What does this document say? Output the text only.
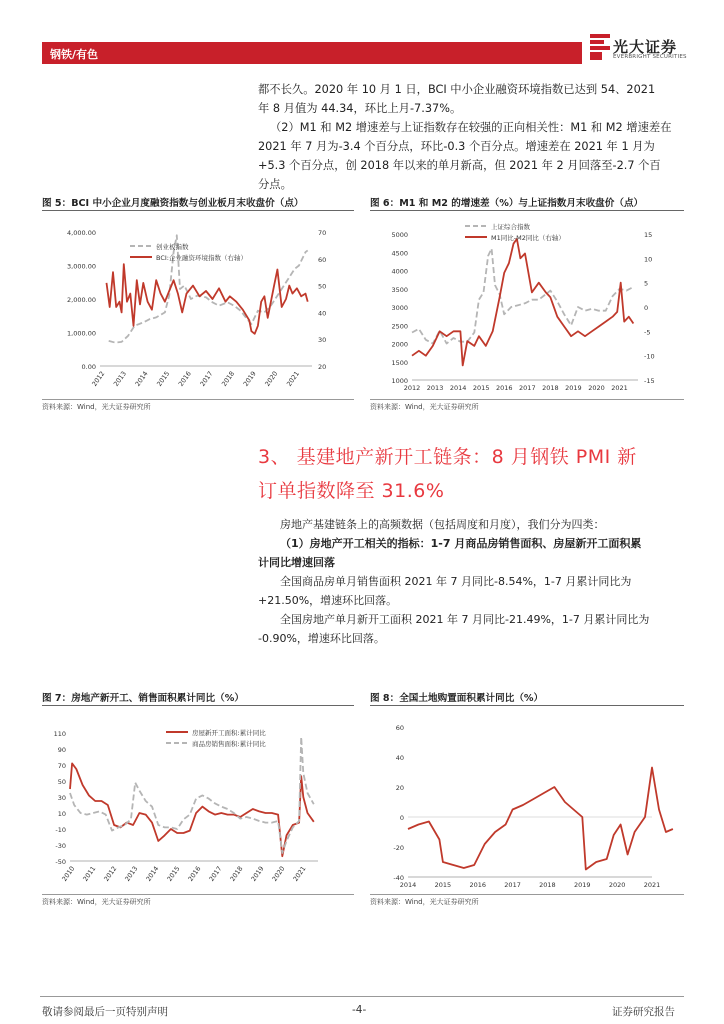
钢铁/有色	光大证券
EVERBRIGHT SECURITIES
都不长久。2020 年 10 月 1 日，BCI 中小企业融资环境指数已达到 54、2021
年 8 月值为 44.34，环比上月-7.37%。
（2）M1 和 M2 增速差与上证指数存在较强的正向相关性：M1 和 M2 增速差在
2021 年 7 月为-3.4 个百分点，环比-0.3 个百分点。增速差在 2021 年 1 月为
+5.3 个百分点，创 2018 年以来的单月新高，但 2021 年 2 月回落至-2.7 个百
分点。
图 5：BCI 中小企业月度融资指数与创业板月末收盘价（点）
0.00
1,000.00
2,000.00
3,000.00
4,000.00
20
30
40
50
60
70
2012 2013 2014 2015 2016 2017 2018 2019 2020 2021
创业板指数
BCI:企业融资环境指数（右轴）
资料来源：Wind，光大证券研究所
图 6：M1 和 M2 的增速差（%）与上证指数月末收盘价（点）
1000
1500
2000
2500
3000
3500
4000
4500
5000
-15
-10
-5
0
5
10
15
2012 2013 2014 2015 2016 2017 2018 2019 2020 2021
上证综合指数
M1同比-M2同比（右轴）
资料来源：Wind，光大证券研究所
3、 基建地产新开工链条：8 月钢铁 PMI 新
订单指数降至 31.6%

房地产基建链条上的高频数据（包括周度和月度），我们分为四类：

（1）房地产开工相关的指标：1-7 月商品房销售面积、房屋新开工面积累

计同比增速回落

全国商品房单月销售面积 2021 年 7 月同比-8.54%，1-7 月累计同比为

+21.50%，增速环比回落。

全国房地产单月新开工面积 2021 年 7 月同比-21.49%，1-7 月累计同比为

-0.90%，增速环比回落。
图 7：房地产新开工、销售面积累计同比（%）
-50
-30
-10
10
30
50
70
90
110
2010 2011 2012 2013 2014 2015 2016 2017 2018 2019 2020 2021
房屋新开工面积:累计同比
商品房销售面积:累计同比
资料来源：Wind，光大证券研究所
图 8：全国土地购置面积累计同比（%）
-40
-20
0
20
40
60
2014	2015	2016	2017	2018	2019	2020	2021
资料来源：Wind，光大证券研究所
敬请参阅最后一页特别声明	-4-	证券研究报告
